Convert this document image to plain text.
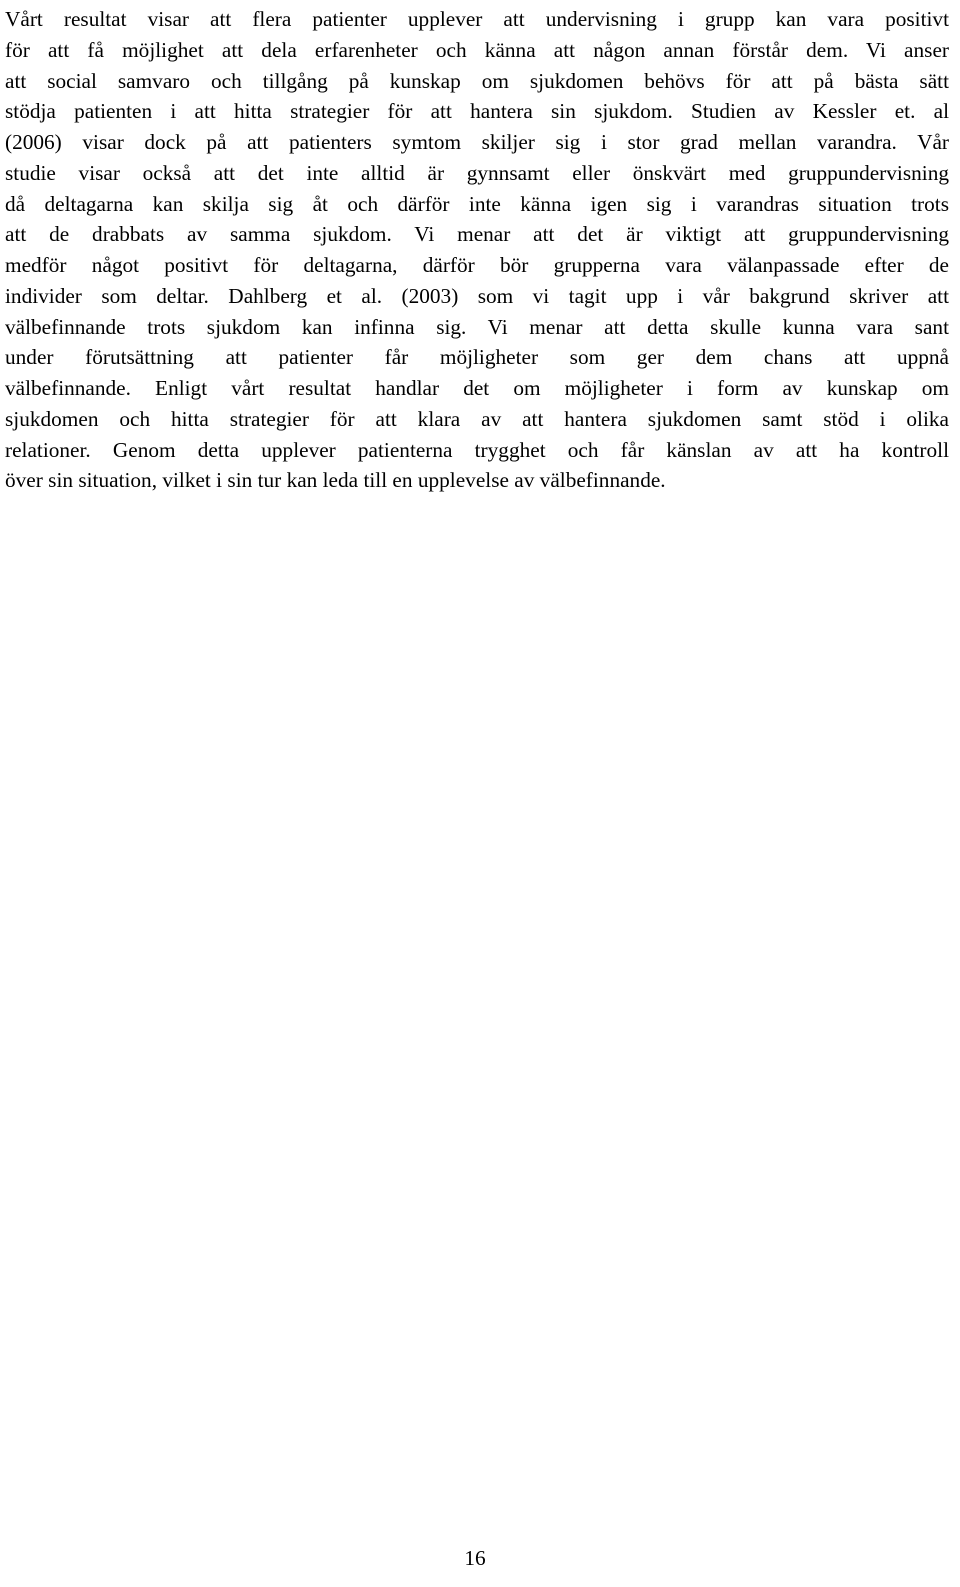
Vårt resultat visar att flera patienter upplever att undervisning i grupp kan vara positivt
för att få möjlighet att dela erfarenheter och känna att någon annan förstår dem. Vi anser
att social samvaro och tillgång på kunskap om sjukdomen behövs för att på bästa sätt
stödja patienten i att hitta strategier för att hantera sin sjukdom. Studien av Kessler et. al
(2006) visar dock på att patienters symtom skiljer sig i stor grad mellan varandra. Vår
studie visar också att det inte alltid är gynnsamt eller önskvärt med gruppundervisning
då deltagarna kan skilja sig åt och därför inte känna igen sig i varandras situation trots
att de drabbats av samma sjukdom. Vi menar att det är viktigt att gruppundervisning
medför något positivt för deltagarna, därför bör grupperna vara välanpassade efter de
individer som deltar. Dahlberg et al. (2003) som vi tagit upp i vår bakgrund skriver att
välbefinnande trots sjukdom kan infinna sig. Vi menar att detta skulle kunna vara sant
under förutsättning att patienter får möjligheter som ger dem chans att uppnå
välbefinnande. Enligt vårt resultat handlar det om möjligheter i form av kunskap om
sjukdomen och hitta strategier för att klara av att hantera sjukdomen samt stöd i olika
relationer. Genom detta upplever patienterna trygghet och får känslan av att ha kontroll
över sin situation, vilket i sin tur kan leda till en upplevelse av välbefinnande.

16
